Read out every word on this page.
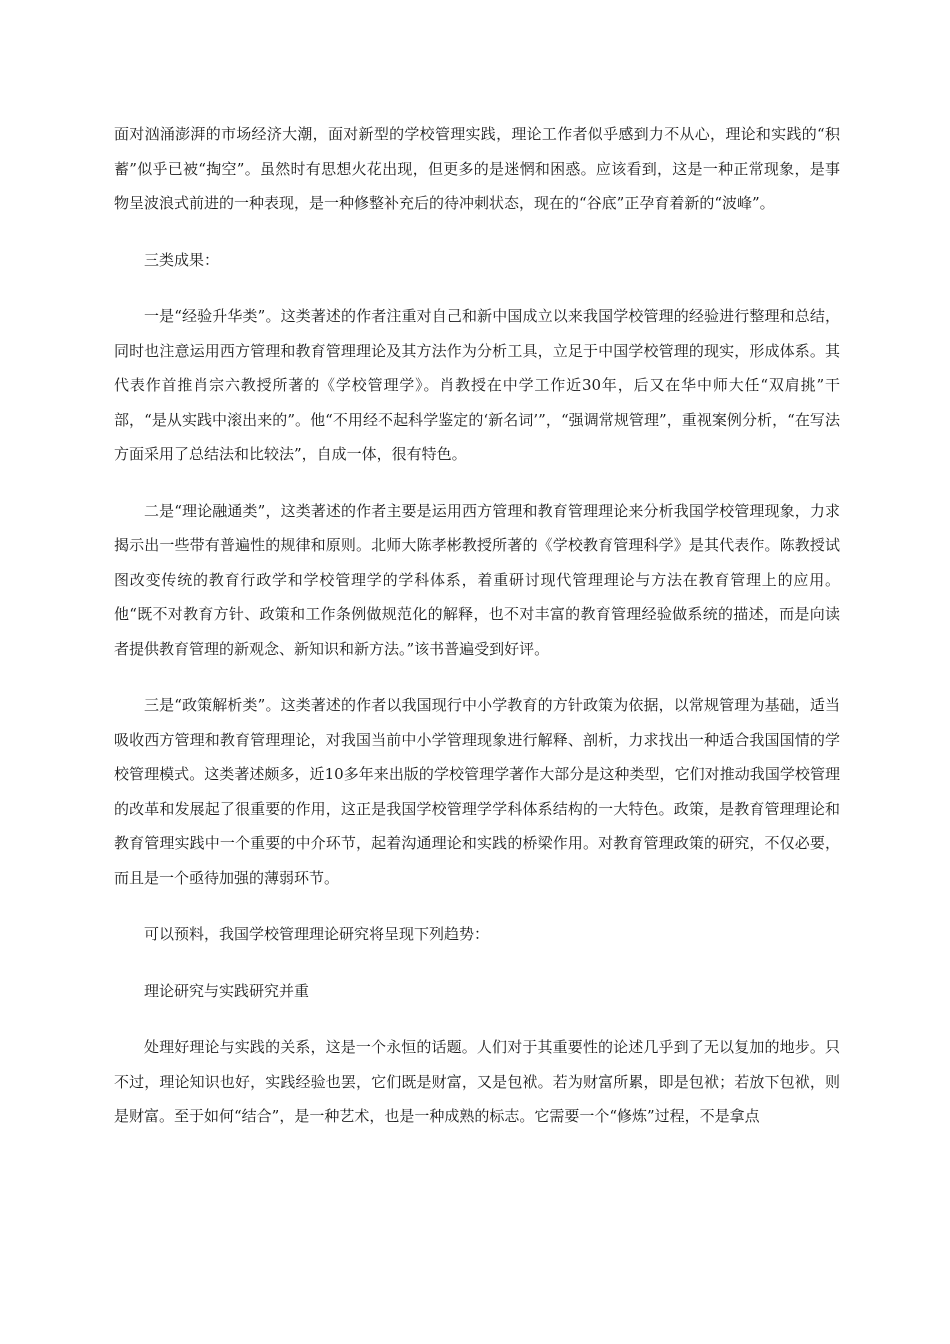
面对汹涌澎湃的市场经济大潮，面对新型的学校管理实践，理论工作者似乎感到力不从心，理论和实践的“积蓄”似乎已被“掏空”。虽然时有思想火花出现，但更多的是迷惘和困惑。应该看到，这是一种正常现象，是事物呈波浪式前进的一种表现，是一种修整补充后的待冲刺状态，现在的“谷底”正孕育着新的“波峰”。

三类成果：

一是“经验升华类”。这类著述的作者注重对自己和新中国成立以来我国学校管理的经验进行整理和总结，同时也注意运用西方管理和教育管理理论及其方法作为分析工具，立足于中国学校管理的现实，形成体系。其代表作首推肖宗六教授所著的《学校管理学》。肖教授在中学工作近30年，后又在华中师大任“双肩挑”干部，“是从实践中滚出来的”。他“不用经不起科学鉴定的‘新名词’”，“强调常规管理”，重视案例分析，“在写法方面采用了总结法和比较法”，自成一体，很有特色。

二是“理论融通类”，这类著述的作者主要是运用西方管理和教育管理理论来分析我国学校管理现象，力求揭示出一些带有普遍性的规律和原则。北师大陈孝彬教授所著的《学校教育管理科学》是其代表作。陈教授试图改变传统的教育行政学和学校管理学的学科体系，着重研讨现代管理理论与方法在教育管理上的应用。他“既不对教育方针、政策和工作条例做规范化的解释，也不对丰富的教育管理经验做系统的描述，而是向读者提供教育管理的新观念、新知识和新方法。”该书普遍受到好评。

三是“政策解析类”。这类著述的作者以我国现行中小学教育的方针政策为依据，以常规管理为基础，适当吸收西方管理和教育管理理论，对我国当前中小学管理现象进行解释、剖析，力求找出一种适合我国国情的学校管理模式。这类著述颇多，近10多年来出版的学校管理学著作大部分是这种类型，它们对推动我国学校管理的改革和发展起了很重要的作用，这正是我国学校管理学学科体系结构的一大特色。政策，是教育管理理论和教育管理实践中一个重要的中介环节，起着沟通理论和实践的桥梁作用。对教育管理政策的研究，不仅必要，而且是一个亟待加强的薄弱环节。

可以预料，我国学校管理理论研究将呈现下列趋势：

理论研究与实践研究并重

处理好理论与实践的关系，这是一个永恒的话题。人们对于其重要性的论述几乎到了无以复加的地步。只不过，理论知识也好，实践经验也罢，它们既是财富，又是包袱。若为财富所累，即是包袱；若放下包袱，则是财富。至于如何“结合”，是一种艺术，也是一种成熟的标志。它需要一个“修炼”过程，不是拿点
